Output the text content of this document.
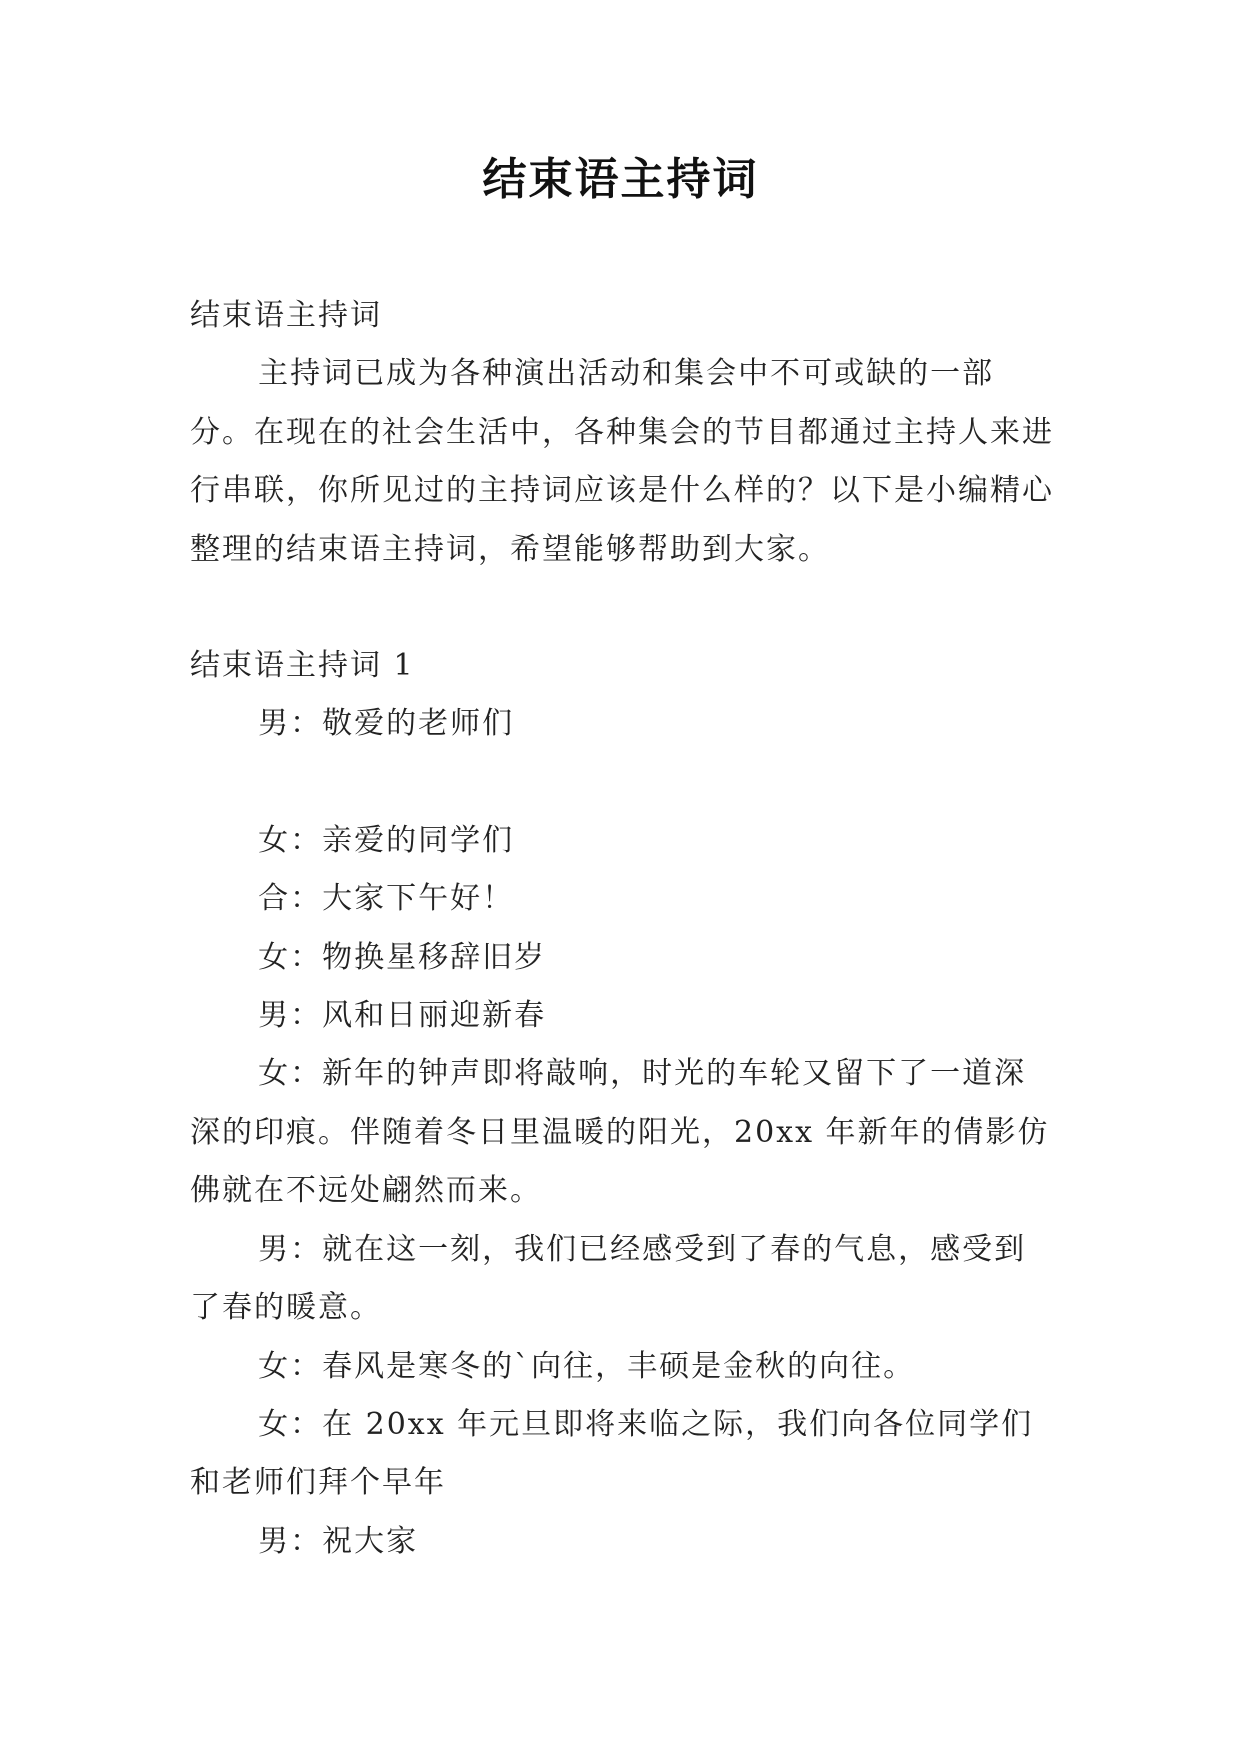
结束语主持词

结束语主持词

主持词已成为各种演出活动和集会中不可或缺的一部分。在现在的社会生活中，各种集会的节目都通过主持人来进行串联，你所见过的主持词应该是什么样的？以下是小编精心整理的结束语主持词，希望能够帮助到大家。

结束语主持词 1

男：敬爱的老师们

女：亲爱的同学们

合：大家下午好！

女：物换星移辞旧岁

男：风和日丽迎新春

女：新年的钟声即将敲响，时光的车轮又留下了一道深深的印痕。伴随着冬日里温暖的阳光，20xx 年新年的倩影仿佛就在不远处翩然而来。

男：就在这一刻，我们已经感受到了春的气息，感受到了春的暖意。

女：春风是寒冬的`向往，丰硕是金秋的向往。

女：在 20xx 年元旦即将来临之际，我们向各位同学们和老师们拜个早年

男：祝大家
